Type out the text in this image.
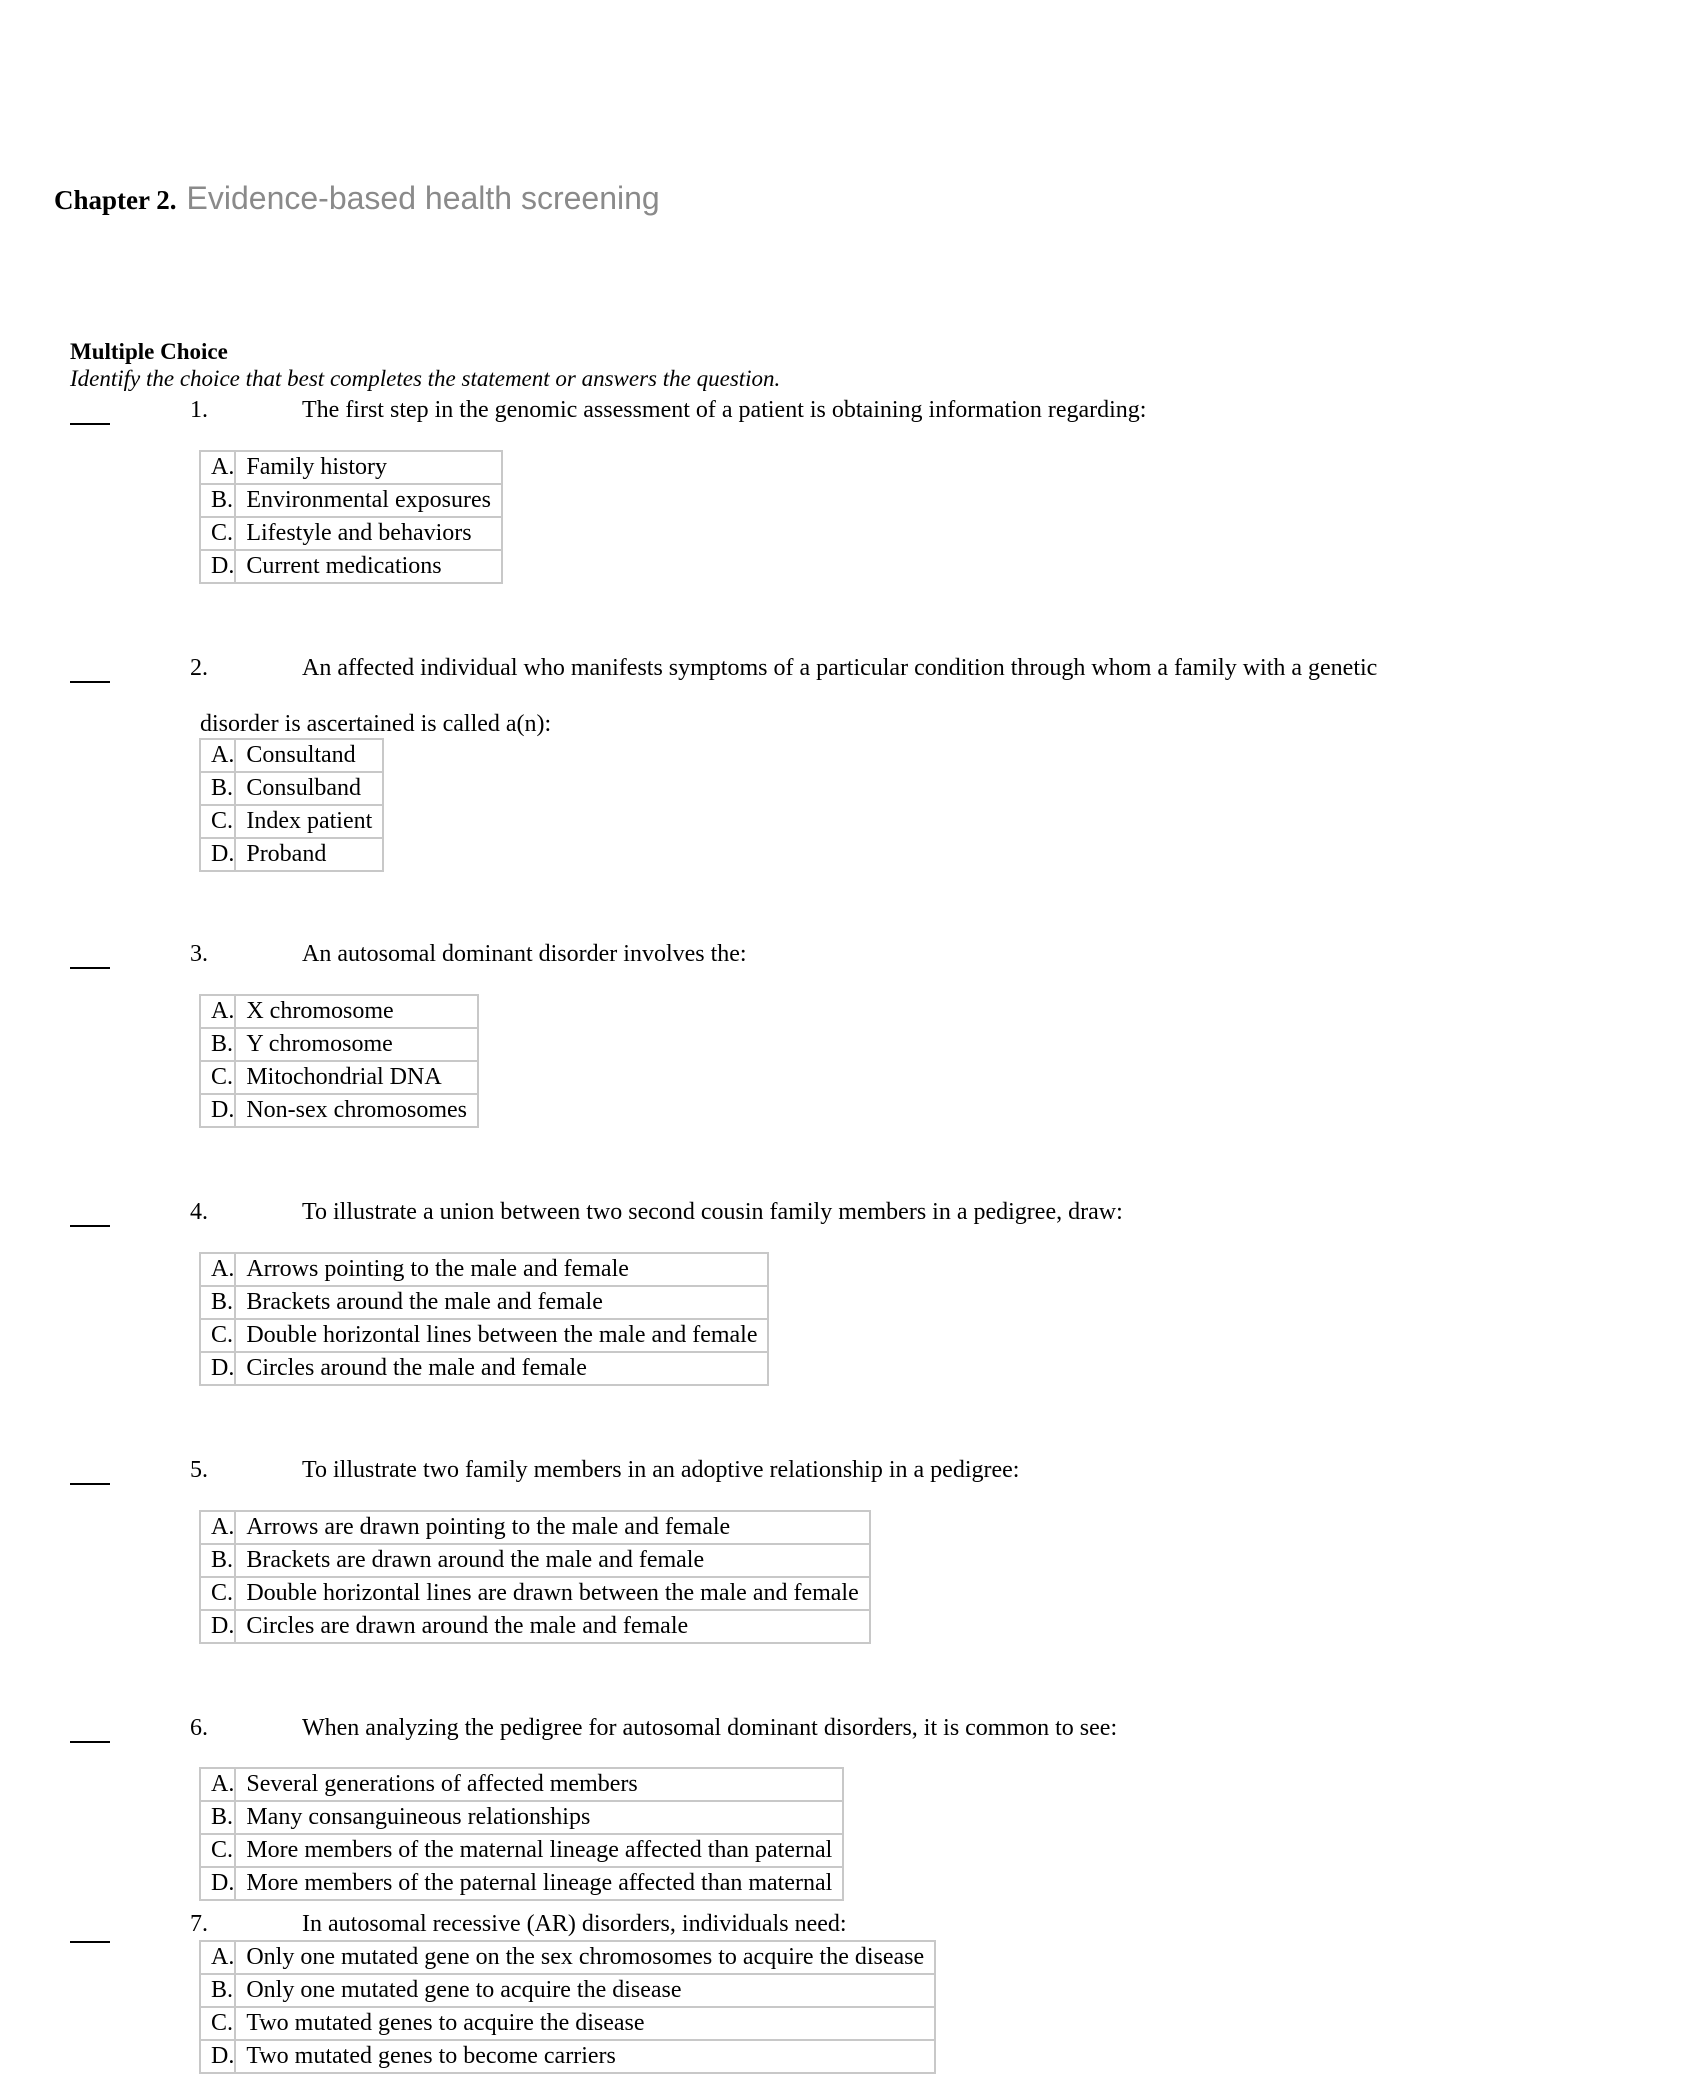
Chapter 2. Evidence-based health screening
Multiple Choice
Identify the choice that best completes the statement or answers the question.
1.	The first step in the genomic assessment of a patient is obtaining information regarding:
A.	Family history
B.	Environmental exposures
C.	Lifestyle and behaviors
D.	Current medications
2.	An affected individual who manifests symptoms of a particular condition through whom a family with a genetic
disorder is ascertained is called a(n):
A.	Consultand
B.	Consulband
C.	Index patient
D.	Proband
3.	An autosomal dominant disorder involves the:
A.	X chromosome
B.	Y chromosome
C.	Mitochondrial DNA
D.	Non-sex chromosomes
4.	To illustrate a union between two second cousin family members in a pedigree, draw:
A.	Arrows pointing to the male and female
B.	Brackets around the male and female
C.	Double horizontal lines between the male and female
D.	Circles around the male and female
5.	To illustrate two family members in an adoptive relationship in a pedigree:
A.	Arrows are drawn pointing to the male and female
B.	Brackets are drawn around the male and female
C.	Double horizontal lines are drawn between the male and female
D.	Circles are drawn around the male and female
6.	When analyzing the pedigree for autosomal dominant disorders, it is common to see:
A.	Several generations of affected members
B.	Many consanguineous relationships
C.	More members of the maternal lineage affected than paternal
D.	More members of the paternal lineage affected than maternal
7.	In autosomal recessive (AR) disorders, individuals need:
A.	Only one mutated gene on the sex chromosomes to acquire the disease
B.	Only one mutated gene to acquire the disease
C.	Two mutated genes to acquire the disease
D.	Two mutated genes to become carriers
